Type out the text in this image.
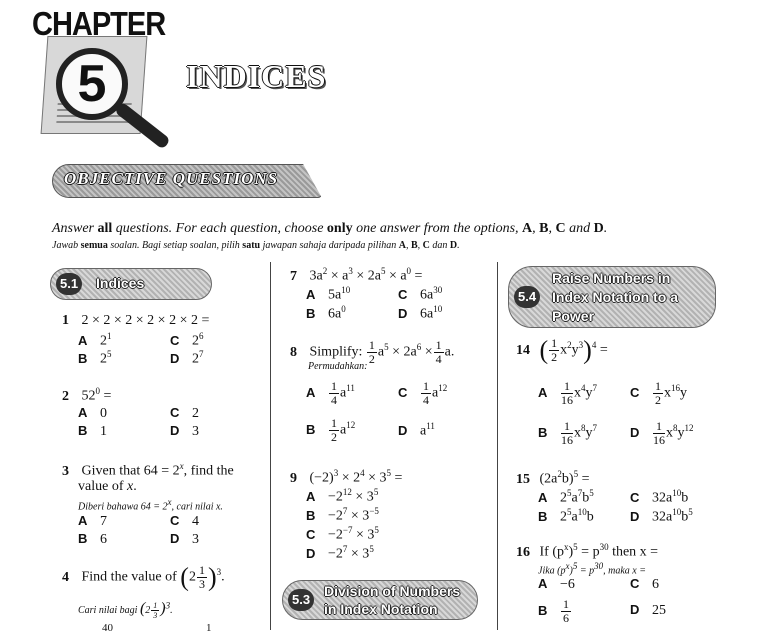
5
CHAPTER
INDICES
OBJECTIVE QUESTIONS
Answer all questions. For each question, choose only one answer from the options, A, B, C and D.
Jawab semua soalan. Bagi setiap soalan, pilih satu jawapan sahaja daripada pilihan A, B, C dan D.
5.1 Indices
1 2 × 2 × 2 × 2 × 2 × 2 =
A $2^1$	C $2^6$
B $2^5$	D $2^7$
2 $52^0$ =
A 0	C 2
B 1	D 3
3 Given that $64 = 2^x$, find the
value of x.
Diberi bahawa $64 = 2^x$, cari nilai x.
A 7	C 4
B 6	D 3
4 Find the value of $(2 \frac{1}{3} )^3$.
Cari nilai bagi $(2 \frac{1}{3} )^3$.
40	1
7 $3a^2 \times a^3 \times 2a^5 \times a^0$ =
A $5a^{10}$	C $6a^{30}$
B $6a^0$	D $6a^{10}$
8 Simplify: $\frac{1}{2} a^5 \times 2a^6 \times \frac{1}{4} a$.
Permudahkan:
A $\frac{1}{4} a^{11}$	C $\frac{1}{4} a^{12}$
B $\frac{1}{2} a^{12}$	D $a^{11}$
9 $(-2)^3 \times 2^4 \times 3^5$ =
$A -2^{12} \times 3^5$
$B -2^7 \times 3^{-5}$
$C -2^{-7} \times 3^5$
$D -2^7 \times 3^5$
5.3
Division of Numbers
in Index Notation
5.4
Raise Numbers in
Index Notation to a
Power
14 ( $\frac{1}{2} x^2y^3)^4$ =
A $\frac{1}{16} x^4y^7$	C $\frac{1}{2} x^{16}y$
B $\frac{1}{16} x^8y^7$	D $\frac{1}{16} x^8y^{12}$
15 $(2a^2b)^5$ =
A $2^5a^7b^5$	C $32a^{10}b$
B $2^5a^{10}b$	D $32a^{10}b^5$
16 If $(p^x)^5 = p^{30}$ then x =
Jika $(p^x)^5 = p^{30}$, maka x =
A −6	C 6
B $\frac{1}{6}$	D 25
